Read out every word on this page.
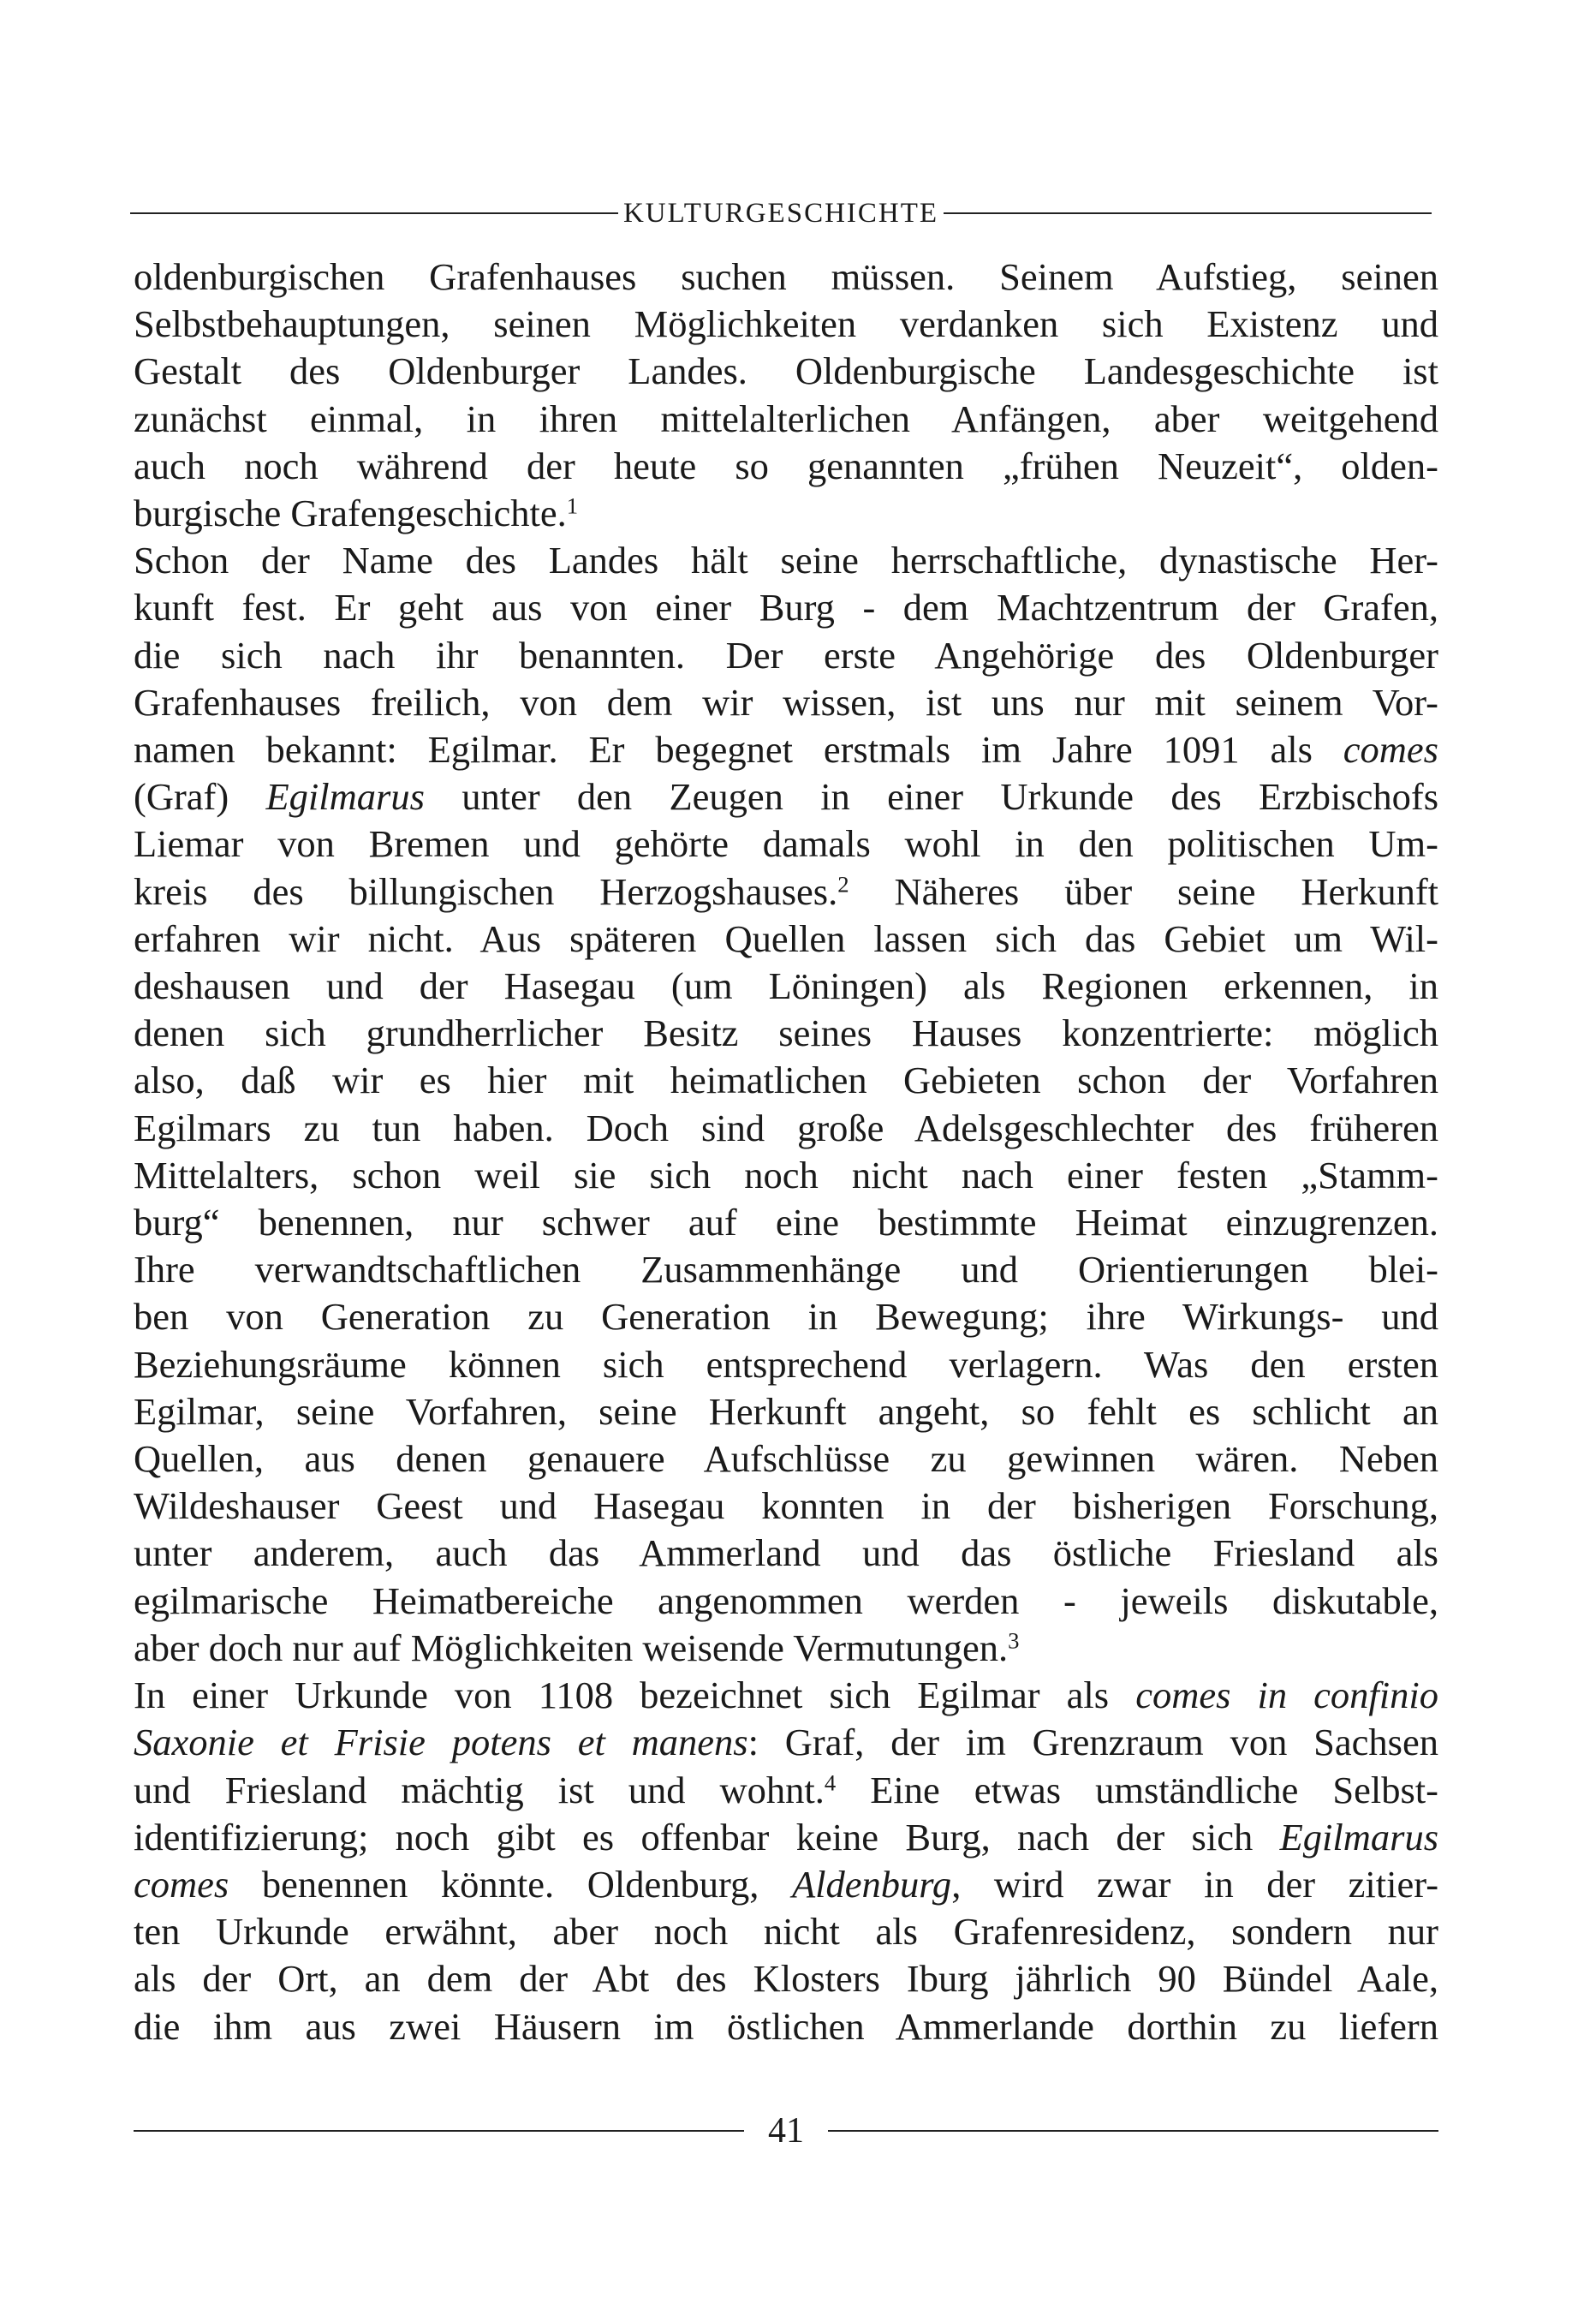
KULTURGESCHICHTE

oldenburgischen Grafenhauses suchen müssen. Seinem Aufstieg, seinen
Selbstbehauptungen, seinen Möglichkeiten verdanken sich Existenz und
Gestalt des Oldenburger Landes. Oldenburgische Landesgeschichte ist
zunächst einmal, in ihren mittelalterlichen Anfängen, aber weitgehend
auch noch während der heute so genannten „frühen Neuzeit“, olden-
burgische Grafengeschichte.$^1$

Schon der Name des Landes hält seine herrschaftliche, dynastische Her-
kunft fest. Er geht aus von einer Burg - dem Machtzentrum der Grafen,
die sich nach ihr benannten. Der erste Angehörige des Oldenburger
Grafenhauses freilich, von dem wir wissen, ist uns nur mit seinem Vor-
namen bekannt: Egilmar. Er begegnet erstmals im Jahre 1091 als comes
(Graf) Egilmarus unter den Zeugen in einer Urkunde des Erzbischofs
Liemar von Bremen und gehörte damals wohl in den politischen Um-
kreis des billungischen Herzogshauses.$^2$ Näheres über seine Herkunft
erfahren wir nicht. Aus späteren Quellen lassen sich das Gebiet um Wil-
deshausen und der Hasegau (um Löningen) als Regionen erkennen, in
denen sich grundherrlicher Besitz seines Hauses konzentrierte: möglich
also, daß wir es hier mit heimatlichen Gebieten schon der Vorfahren
Egilmars zu tun haben. Doch sind große Adelsgeschlechter des früheren
Mittelalters, schon weil sie sich noch nicht nach einer festen „Stamm-
burg“ benennen, nur schwer auf eine bestimmte Heimat einzugrenzen.
Ihre verwandtschaftlichen Zusammenhänge und Orientierungen blei-
ben von Generation zu Generation in Bewegung; ihre Wirkungs- und
Beziehungsräume können sich entsprechend verlagern. Was den ersten
Egilmar, seine Vorfahren, seine Herkunft angeht, so fehlt es schlicht an
Quellen, aus denen genauere Aufschlüsse zu gewinnen wären. Neben
Wildeshauser Geest und Hasegau konnten in der bisherigen Forschung,
unter anderem, auch das Ammerland und das östliche Friesland als
egilmarische Heimatbereiche angenommen werden - jeweils diskutable,
aber doch nur auf Möglichkeiten weisende Vermutungen.$^3$

In einer Urkunde von 1108 bezeichnet sich Egilmar als comes in confinio
Saxonie et Frisie potens et manens: Graf, der im Grenzraum von Sachsen
und Friesland mächtig ist und wohnt.$^4$ Eine etwas umständliche Selbst-
identifizierung; noch gibt es offenbar keine Burg, nach der sich Egilmarus
comes benennen könnte. Oldenburg, Aldenburg, wird zwar in der zitier-
ten Urkunde erwähnt, aber noch nicht als Grafenresidenz, sondern nur
als der Ort, an dem der Abt des Klosters Iburg jährlich 90 Bündel Aale,
die ihm aus zwei Häusern im östlichen Ammerlande dorthin zu liefern

41
